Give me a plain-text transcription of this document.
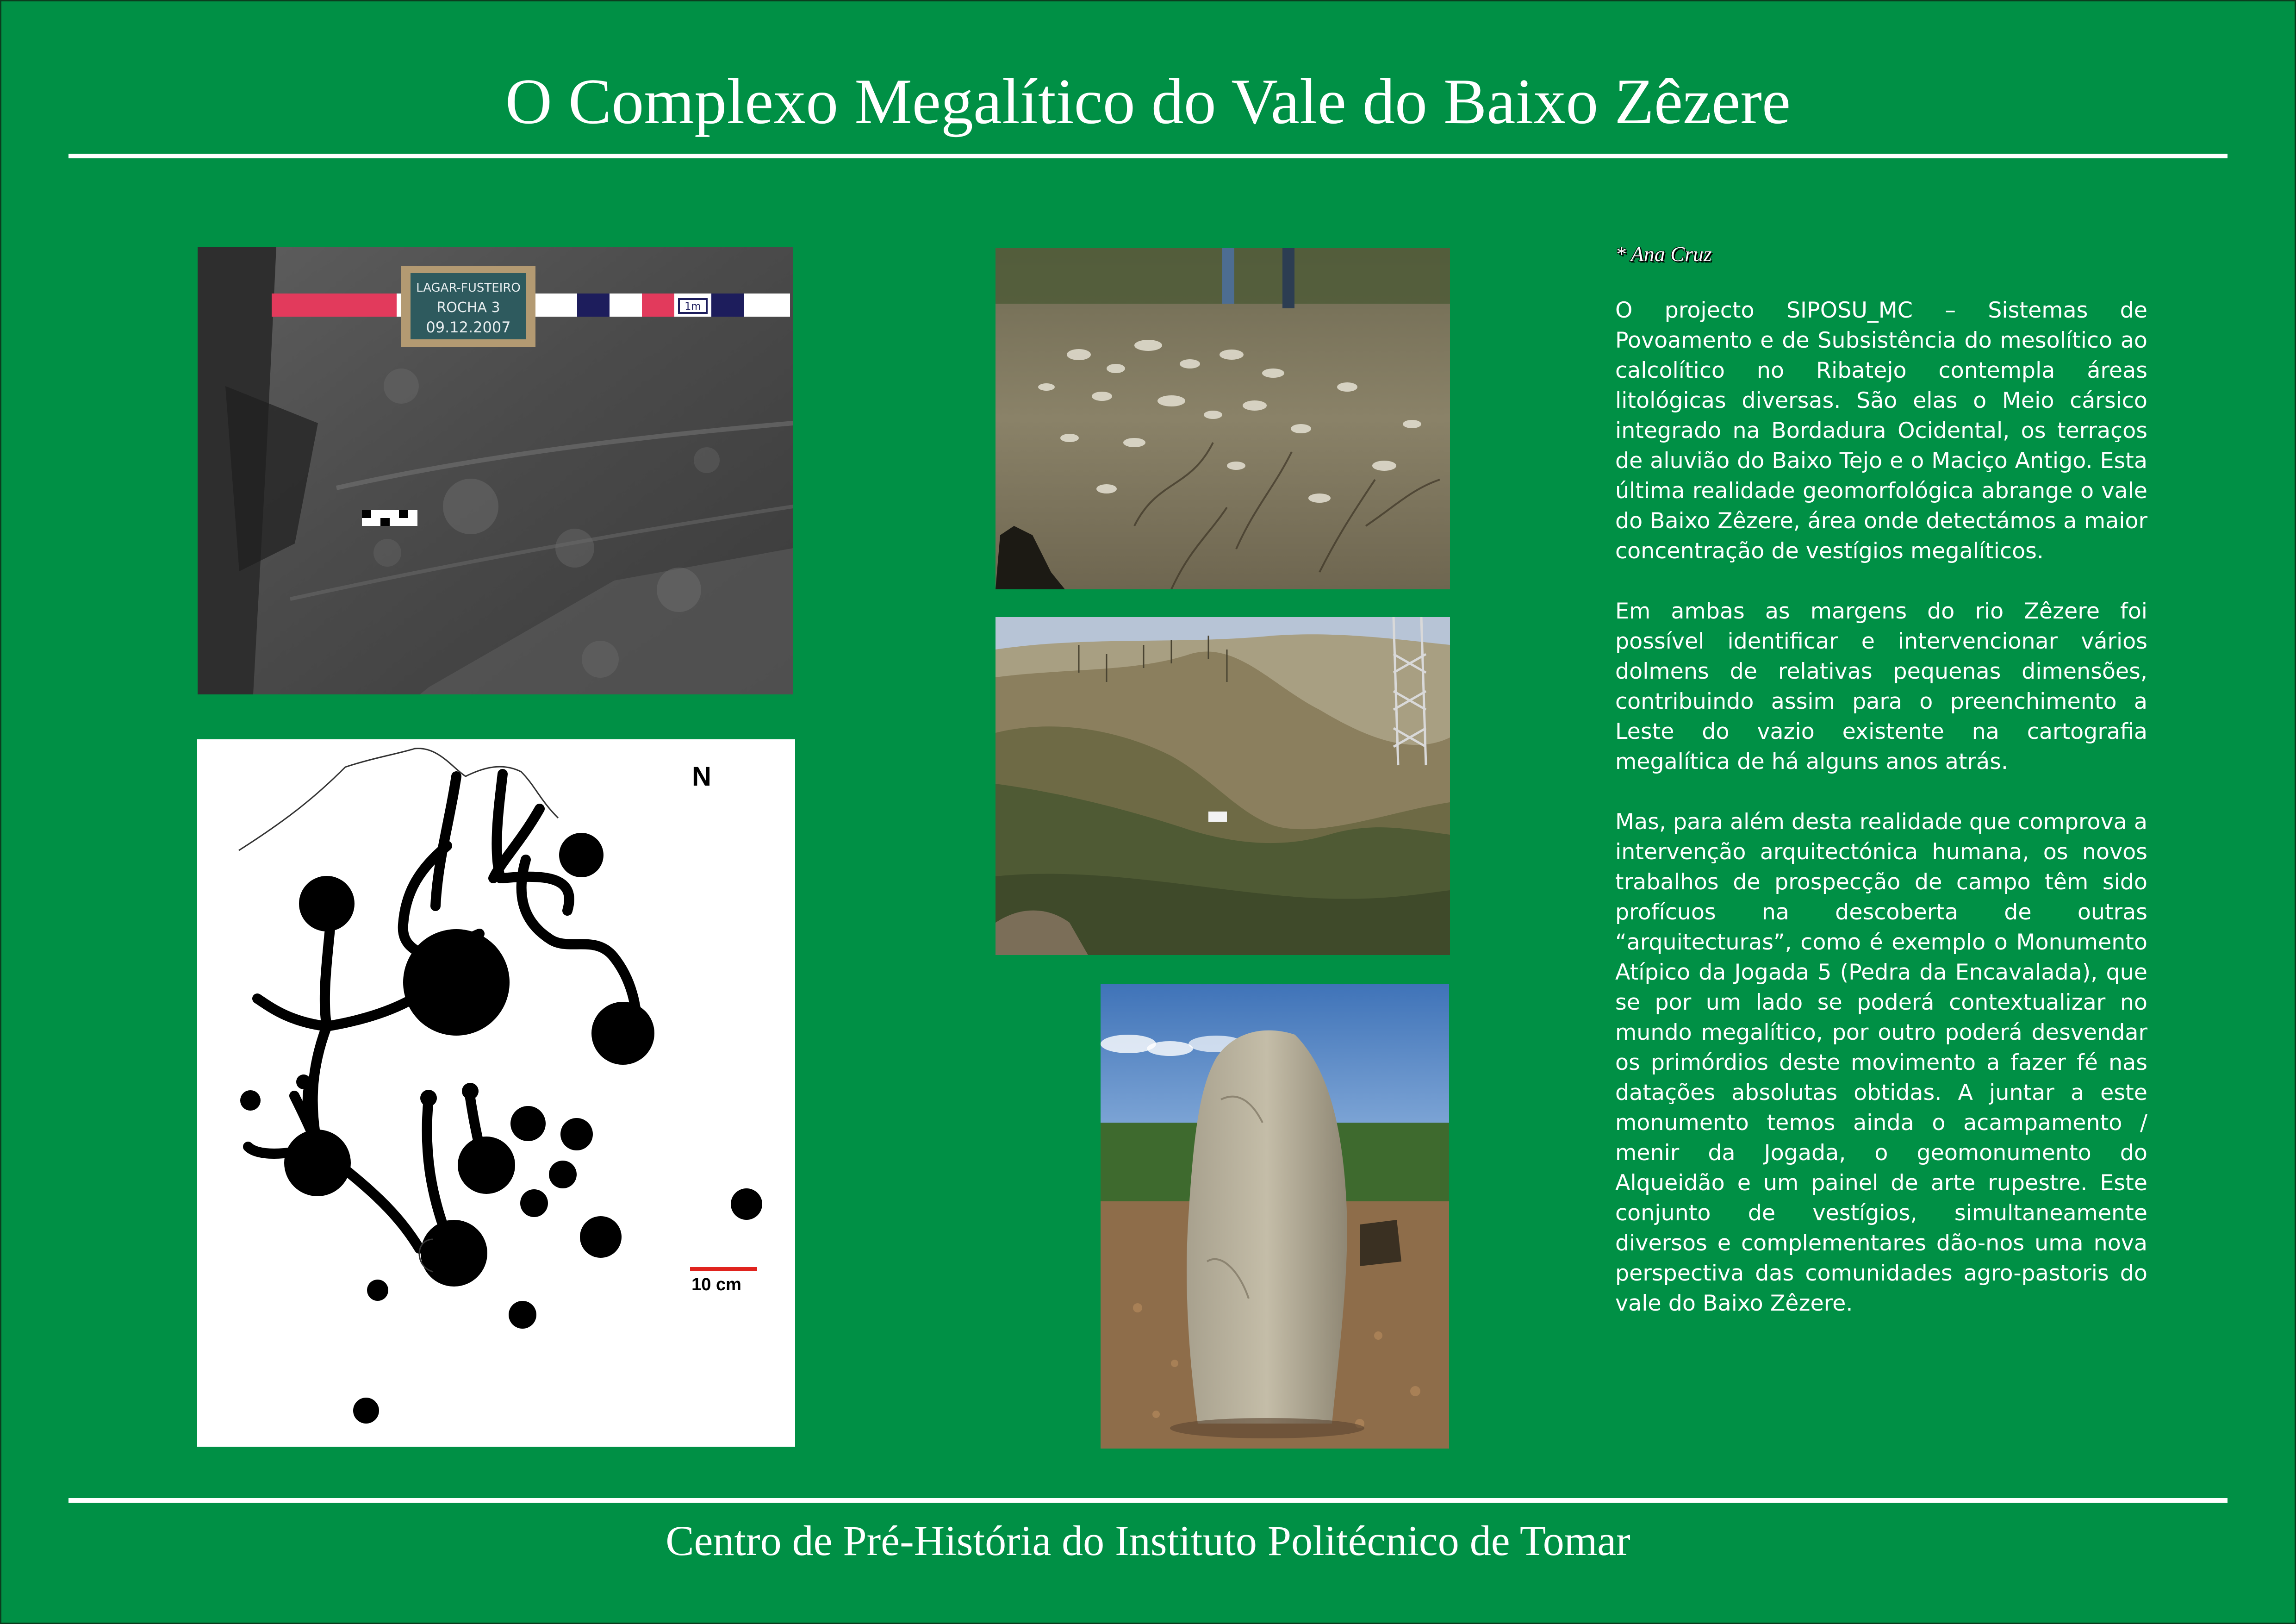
O Complexo Megalítico do Vale do Baixo Zêzere
1m
LAGAR-FUSTEIRO
ROCHA 3
09.12.2007
N
10 cm
* Ana Cruz

O projecto SIPOSU_MC – Sistemas de Povoamento e de Subsistência do mesolítico ao calcolítico no Ribatejo contempla áreas litológicas diversas. São elas o Meio cársico integrado na Bordadura Ocidental, os terraços de aluvião do Baixo Tejo e o Maciço Antigo. Esta última realidade geomorfológica abrange o vale do Baixo Zêzere, área onde detectámos a maior concentração de vestígios megalíticos.

Em ambas as margens do rio Zêzere foi possível identificar e intervencionar vários dolmens de relativas pequenas dimensões, contribuindo assim para o preenchimento a Leste do vazio existente na cartografia megalítica de há alguns anos atrás.

Mas, para além desta realidade que comprova a intervenção arquitectónica humana, os novos trabalhos de prospecção de campo têm sido profícuos na descoberta de outras “arquitecturas”, como é exemplo o Monumento Atípico da Jogada 5 (Pedra da Encavalada), que se por um lado se poderá contextualizar no mundo megalítico, por outro poderá desvendar os primórdios deste movimento a fazer fé nas datações absolutas obtidas. A juntar a este monumento temos ainda o acampamento / menir da Jogada, o geomonumento do Alqueidão e um painel de arte rupestre. Este conjunto de vestígios, simultaneamente diversos e complementares dão-nos uma nova perspectiva das comunidades agro-pastoris do vale do Baixo Zêzere.

Centro de Pré-História do Instituto Politécnico de Tomar
